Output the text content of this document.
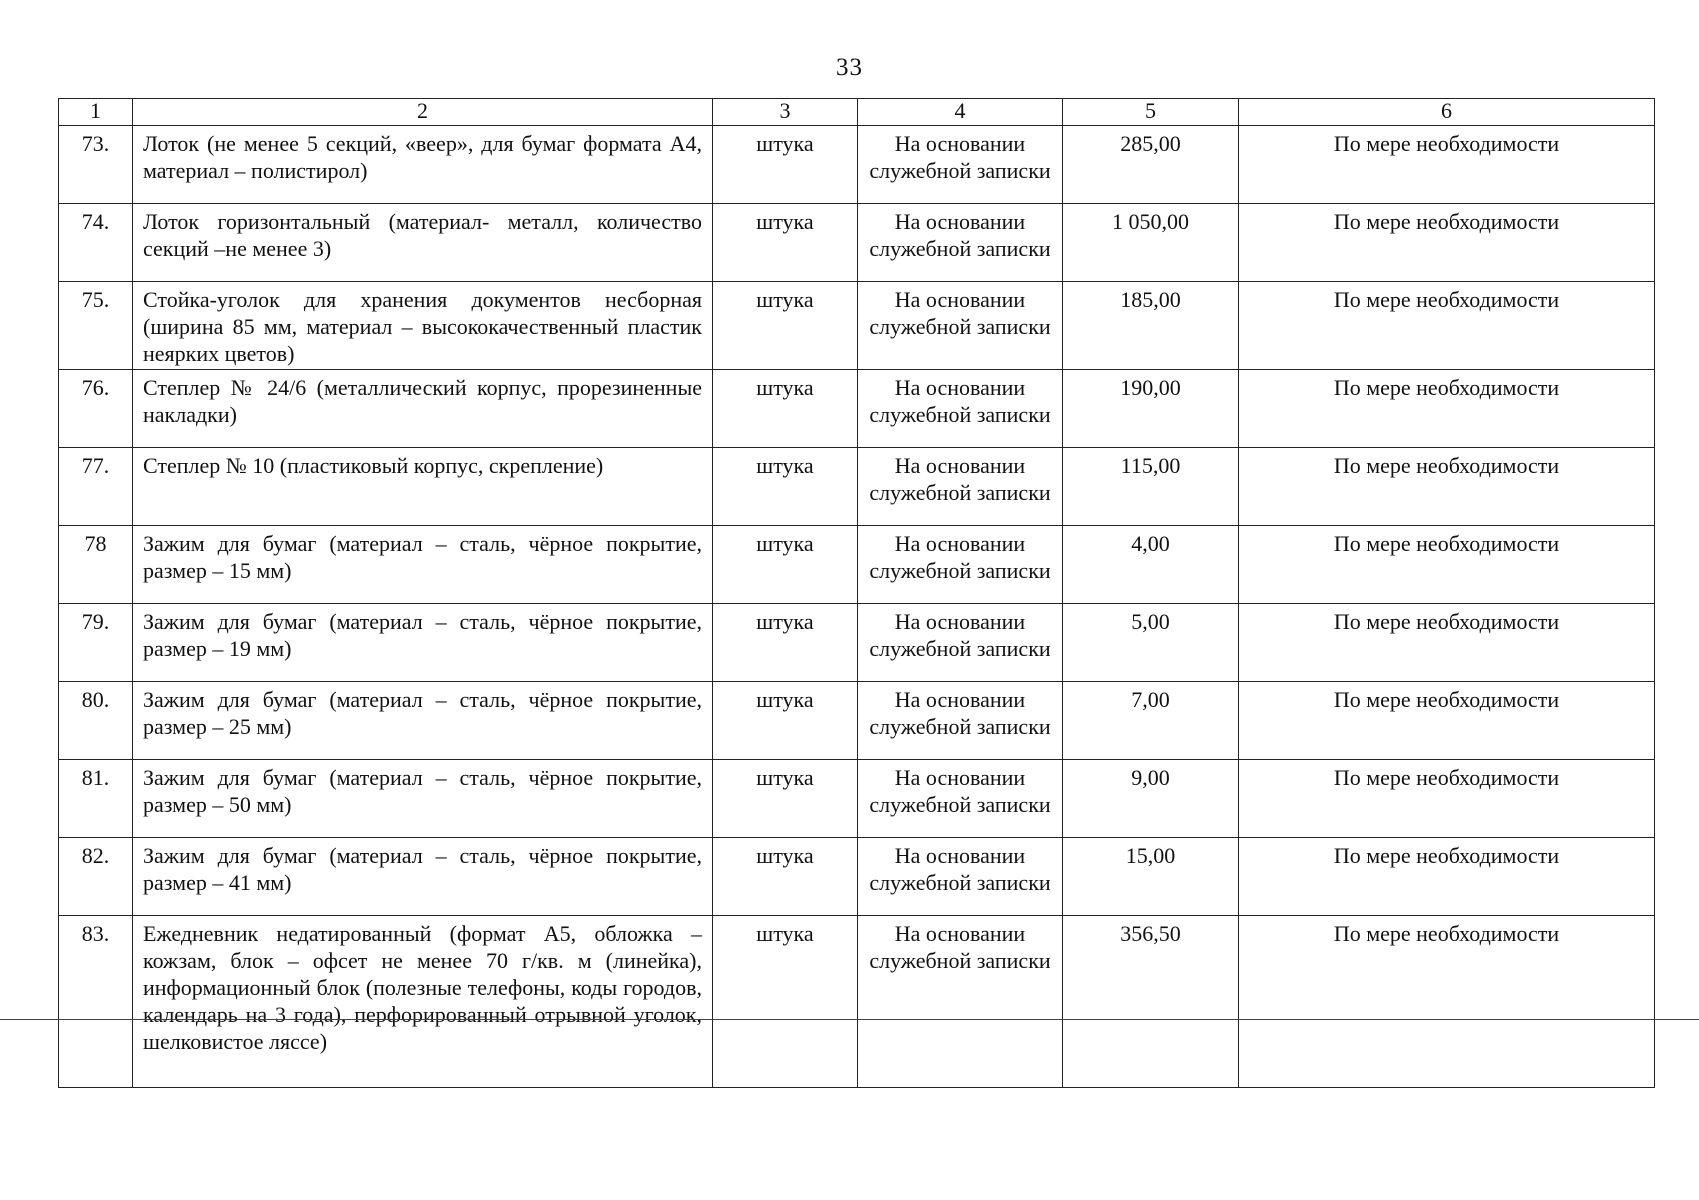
33
1	2	3	4	5	6
73.	Лоток (не менее 5 секций, «веер», для бумаг формата А4, материал – полистирол)	штука	На основании служебной записки	285,00	По мере необходимости
74.	Лоток горизонтальный (материал- металл, количество секций –не менее 3)	штука	На основании служебной записки	1 050,00	По мере необходимости
75.	Стойка-уголок для хранения документов несборная (ширина 85 мм, материал – высококачественный пластик неярких цветов)	штука	На основании служебной записки	185,00	По мере необходимости
76.	Степлер № 24/6 (металлический корпус, прорезиненные накладки)	штука	На основании служебной записки	190,00	По мере необходимости
77.	Степлер № 10 (пластиковый корпус, скрепление)	штука	На основании служебной записки	115,00	По мере необходимости
78	Зажим для бумаг (материал – сталь, чёрное покрытие, размер – 15 мм)	штука	На основании служебной записки	4,00	По мере необходимости
79.	Зажим для бумаг (материал – сталь, чёрное покрытие, размер – 19 мм)	штука	На основании служебной записки	5,00	По мере необходимости
80.	Зажим для бумаг (материал – сталь, чёрное покрытие, размер – 25 мм)	штука	На основании служебной записки	7,00	По мере необходимости
81.	Зажим для бумаг (материал – сталь, чёрное покрытие, размер – 50 мм)	штука	На основании служебной записки	9,00	По мере необходимости
82.	Зажим для бумаг (материал – сталь, чёрное покрытие, размер – 41 мм)	штука	На основании служебной записки	15,00	По мере необходимости
83.	Ежедневник недатированный (формат А5, обложка – кожзам, блок – офсет не менее 70 г/кв. м (линейка), информационный блок (полезные телефоны, коды городов, календарь на 3 года), перфорированный отрывной уголок, шелковистое ляссе)	штука	На основании служебной записки	356,50	По мере необходимости
